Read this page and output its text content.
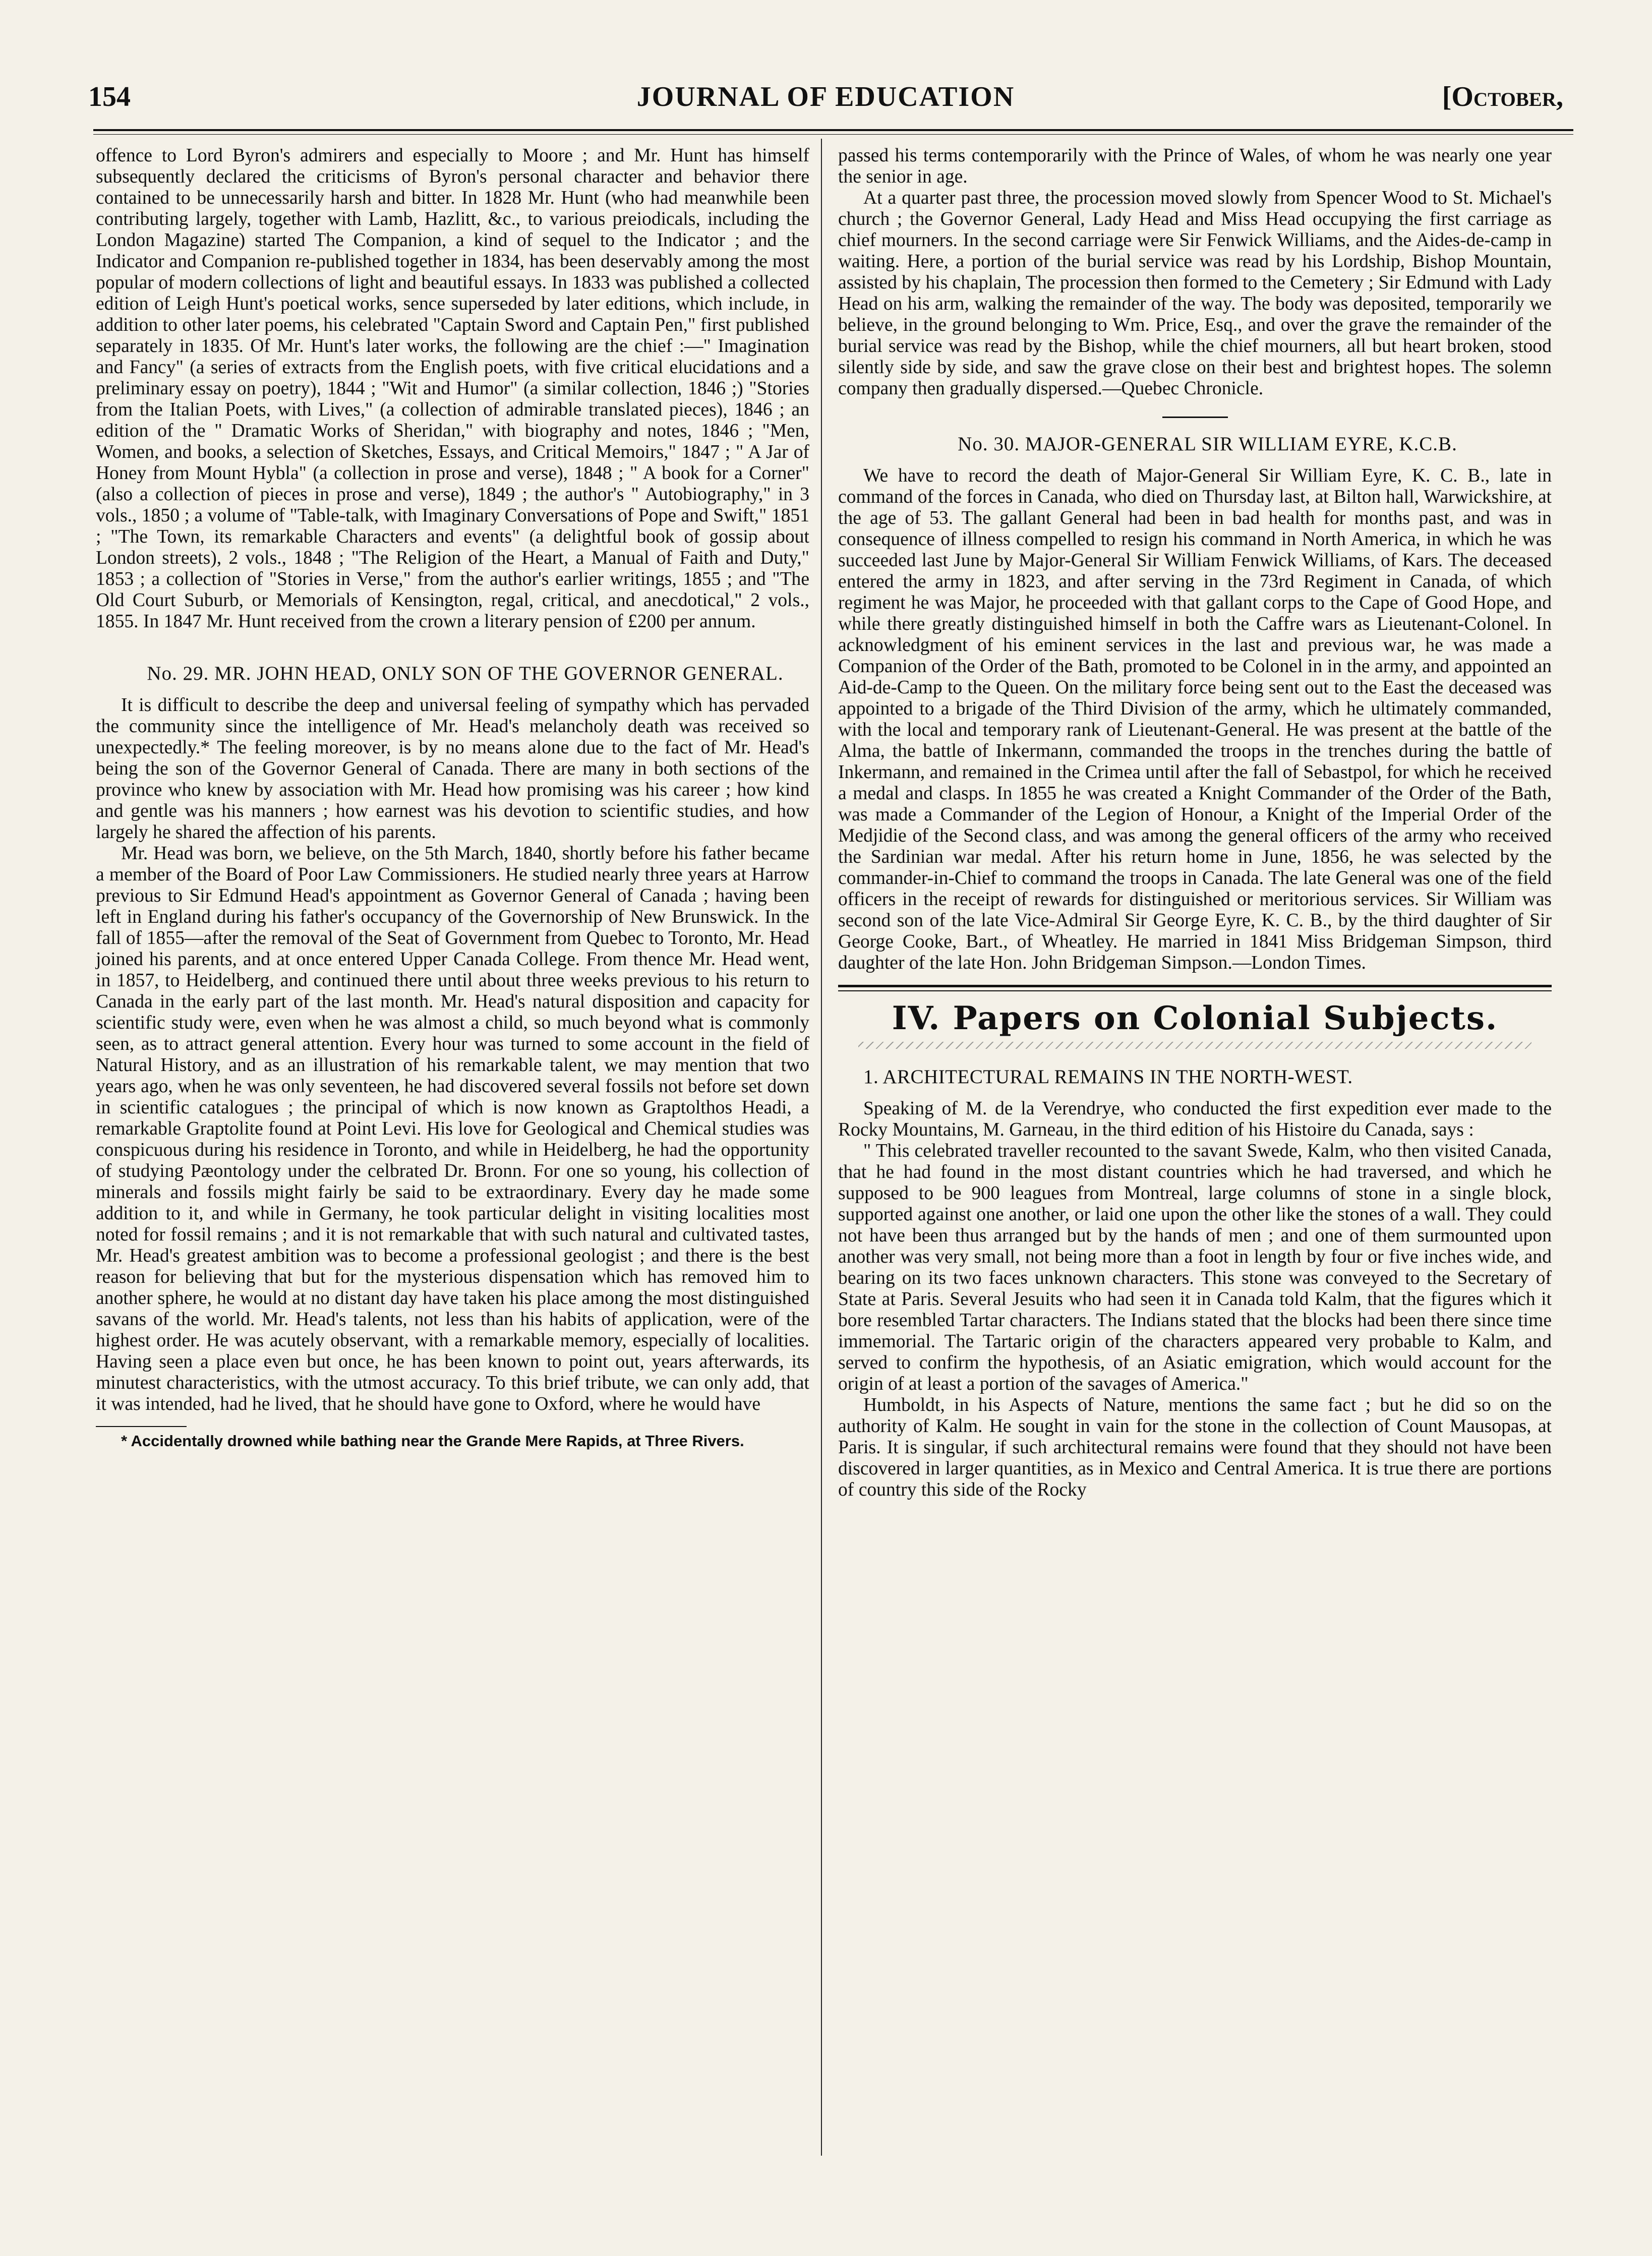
154	JOURNAL OF EDUCATION	[October,

offence to Lord Byron's admirers and especially to Moore ; and Mr. Hunt has himself subsequently declared the criticisms of Byron's personal character and behavior there contained to be unnecessarily harsh and bitter. In 1828 Mr. Hunt (who had meanwhile been contributing largely, together with Lamb, Hazlitt, &c., to various preiodicals, including the London Magazine) started The Companion, a kind of sequel to the Indicator ; and the Indicator and Companion re-published together in 1834, has been deservably among the most popular of modern collections of light and beautiful essays. In 1833 was published a collected edition of Leigh Hunt's poetical works, sence superseded by later editions, which include, in addition to other later poems, his celebrated "Captain Sword and Captain Pen," first published separately in 1835. Of Mr. Hunt's later works, the following are the chief :—" Imagination and Fancy" (a series of extracts from the English poets, with five critical elucidations and a preliminary essay on poetry), 1844 ; "Wit and Humor" (a similar collection, 1846 ;) "Stories from the Italian Poets, with Lives," (a collection of admirable translated pieces), 1846 ; an edition of the " Dramatic Works of Sheridan," with biography and notes, 1846 ; "Men, Women, and books, a selection of Sketches, Essays, and Critical Memoirs," 1847 ; " A Jar of Honey from Mount Hybla" (a collection in prose and verse), 1848 ; " A book for a Corner" (also a collection of pieces in prose and verse), 1849 ; the author's " Autobiography," in 3 vols., 1850 ; a volume of "Table-talk, with Imaginary Conversations of Pope and Swift," 1851 ; "The Town, its remarkable Characters and events" (a delightful book of gossip about London streets), 2 vols., 1848 ; "The Religion of the Heart, a Manual of Faith and Duty," 1853 ; a collection of "Stories in Verse," from the author's earlier writings, 1855 ; and "The Old Court Suburb, or Memorials of Kensington, regal, critical, and anecdotical," 2 vols., 1855. In 1847 Mr. Hunt received from the crown a literary pension of £200 per annum.

No. 29. MR. JOHN HEAD, ONLY SON OF THE GOVERNOR GENERAL.

It is difficult to describe the deep and universal feeling of sympathy which has pervaded the community since the intelligence of Mr. Head's melancholy death was received so unexpectedly.* The feeling moreover, is by no means alone due to the fact of Mr. Head's being the son of the Governor General of Canada. There are many in both sections of the province who knew by association with Mr. Head how promising was his career ; how kind and gentle was his manners ; how earnest was his devotion to scientific studies, and how largely he shared the affection of his parents.

Mr. Head was born, we believe, on the 5th March, 1840, shortly before his father became a member of the Board of Poor Law Commissioners. He studied nearly three years at Harrow previous to Sir Edmund Head's appointment as Governor General of Canada ; having been left in England during his father's occupancy of the Governorship of New Brunswick. In the fall of 1855—after the removal of the Seat of Government from Quebec to Toronto, Mr. Head joined his parents, and at once entered Upper Canada College. From thence Mr. Head went, in 1857, to Heidelberg, and continued there until about three weeks previous to his return to Canada in the early part of the last month. Mr. Head's natural disposition and capacity for scientific study were, even when he was almost a child, so much beyond what is commonly seen, as to attract general attention. Every hour was turned to some account in the field of Natural History, and as an illustration of his remarkable talent, we may mention that two years ago, when he was only seventeen, he had discovered several fossils not before set down in scientific catalogues ; the principal of which is now known as Graptolthos Headi, a remarkable Graptolite found at Point Levi. His love for Geological and Chemical studies was conspicuous during his residence in Toronto, and while in Heidelberg, he had the opportunity of studying Pæontology under the celbrated Dr. Bronn. For one so young, his collection of minerals and fossils might fairly be said to be extraordinary. Every day he made some addition to it, and while in Germany, he took particular delight in visiting localities most noted for fossil remains ; and it is not remarkable that with such natural and cultivated tastes, Mr. Head's greatest ambition was to become a professional geologist ; and there is the best reason for believing that but for the mysterious dispensation which has removed him to another sphere, he would at no distant day have taken his place among the most distinguished savans of the world. Mr. Head's talents, not less than his habits of application, were of the highest order. He was acutely observant, with a remarkable memory, especially of localities. Having seen a place even but once, he has been known to point out, years afterwards, its minutest characteristics, with the utmost accuracy. To this brief tribute, we can only add, that it was intended, had he lived, that he should have gone to Oxford, where he would have

* Accidentally drowned while bathing near the Grande Mere Rapids, at Three Rivers.

passed his terms contemporarily with the Prince of Wales, of whom he was nearly one year the senior in age.

At a quarter past three, the procession moved slowly from Spencer Wood to St. Michael's church ; the Governor General, Lady Head and Miss Head occupying the first carriage as chief mourners. In the second carriage were Sir Fenwick Williams, and the Aides-de-camp in waiting. Here, a portion of the burial service was read by his Lordship, Bishop Mountain, assisted by his chaplain, The procession then formed to the Cemetery ; Sir Edmund with Lady Head on his arm, walking the remainder of the way. The body was deposited, temporarily we believe, in the ground belonging to Wm. Price, Esq., and over the grave the remainder of the burial service was read by the Bishop, while the chief mourners, all but heart broken, stood silently side by side, and saw the grave close on their best and brightest hopes. The solemn company then gradually dispersed.—Quebec Chronicle.

No. 30. MAJOR-GENERAL SIR WILLIAM EYRE, K.C.B.

We have to record the death of Major-General Sir William Eyre, K. C. B., late in command of the forces in Canada, who died on Thursday last, at Bilton hall, Warwickshire, at the age of 53. The gallant General had been in bad health for months past, and was in consequence of illness compelled to resign his command in North America, in which he was succeeded last June by Major-General Sir William Fenwick Williams, of Kars. The deceased entered the army in 1823, and after serving in the 73rd Regiment in Canada, of which regiment he was Major, he proceeded with that gallant corps to the Cape of Good Hope, and while there greatly distinguished himself in both the Caffre wars as Lieutenant-Colonel. In acknowledgment of his eminent services in the last and previous war, he was made a Companion of the Order of the Bath, promoted to be Colonel in in the army, and appointed an Aid-de-Camp to the Queen. On the military force being sent out to the East the deceased was appointed to a brigade of the Third Division of the army, which he ultimately commanded, with the local and temporary rank of Lieutenant-General. He was present at the battle of the Alma, the battle of Inkermann, commanded the troops in the trenches during the battle of Inkermann, and remained in the Crimea until after the fall of Sebastpol, for which he received a medal and clasps. In 1855 he was created a Knight Commander of the Order of the Bath, was made a Commander of the Legion of Honour, a Knight of the Imperial Order of the Medjidie of the Second class, and was among the general officers of the army who received the Sardinian war medal. After his return home in June, 1856, he was selected by the commander-in-Chief to command the troops in Canada. The late General was one of the field officers in the receipt of rewards for distinguished or meritorious services. Sir William was second son of the late Vice-Admiral Sir George Eyre, K. C. B., by the third daughter of Sir George Cooke, Bart., of Wheatley. He married in 1841 Miss Bridgeman Simpson, third daughter of the late Hon. John Bridgeman Simpson.—London Times.

IV. Papers on Colonial Subjects.

1. ARCHITECTURAL REMAINS IN THE NORTH-WEST.

Speaking of M. de la Verendrye, who conducted the first expedition ever made to the Rocky Mountains, M. Garneau, in the third edition of his Histoire du Canada, says :

" This celebrated traveller recounted to the savant Swede, Kalm, who then visited Canada, that he had found in the most distant countries which he had traversed, and which he supposed to be 900 leagues from Montreal, large columns of stone in a single block, supported against one another, or laid one upon the other like the stones of a wall. They could not have been thus arranged but by the hands of men ; and one of them surmounted upon another was very small, not being more than a foot in length by four or five inches wide, and bearing on its two faces unknown characters. This stone was conveyed to the Secretary of State at Paris. Several Jesuits who had seen it in Canada told Kalm, that the figures which it bore resembled Tartar characters. The Indians stated that the blocks had been there since time immemorial. The Tartaric origin of the characters appeared very probable to Kalm, and served to confirm the hypothesis, of an Asiatic emigration, which would account for the origin of at least a portion of the savages of America."

Humboldt, in his Aspects of Nature, mentions the same fact ; but he did so on the authority of Kalm. He sought in vain for the stone in the collection of Count Mausopas, at Paris. It is singular, if such architectural remains were found that they should not have been discovered in larger quantities, as in Mexico and Central America. It is true there are portions of country this side of the Rocky
